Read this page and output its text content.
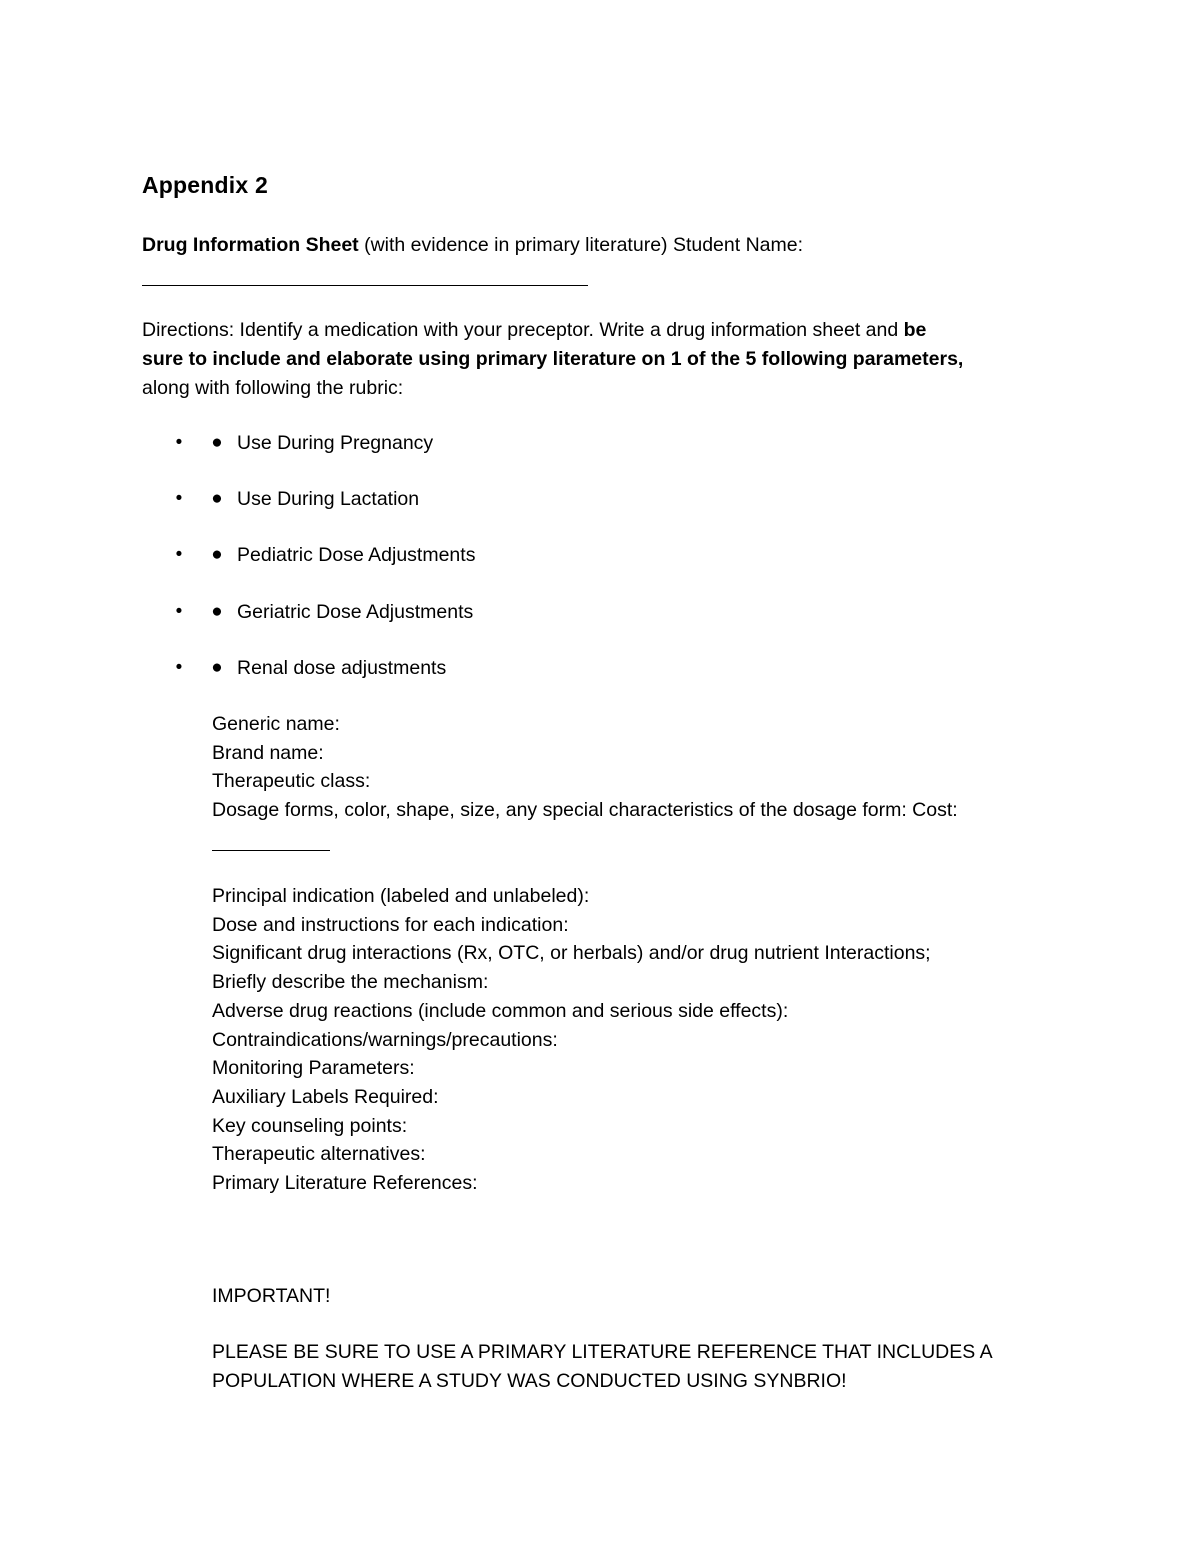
Appendix 2
Drug Information Sheet (with evidence in primary literature) Student Name:
Directions: Identify a medication with your preceptor. Write a drug information sheet and be
sure to include and elaborate using primary literature on 1 of the 5 following parameters,
along with following the rubric:
• ● Use During Pregnancy
• ● Use During Lactation
• ● Pediatric Dose Adjustments
• ● Geriatric Dose Adjustments
• ● Renal dose adjustments
Generic name:
Brand name:
Therapeutic class:
Dosage forms, color, shape, size, any special characteristics of the dosage form: Cost:
Principal indication (labeled and unlabeled):
Dose and instructions for each indication:
Significant drug interactions (Rx, OTC, or herbals) and/or drug nutrient Interactions;
Briefly describe the mechanism:
Adverse drug reactions (include common and serious side effects):
Contraindications/warnings/precautions:
Monitoring Parameters:
Auxiliary Labels Required:
Key counseling points:
Therapeutic alternatives:
Primary Literature References:
IMPORTANT!
PLEASE BE SURE TO USE A PRIMARY LITERATURE REFERENCE THAT INCLUDES A
POPULATION WHERE A STUDY WAS CONDUCTED USING SYNBRIO!
